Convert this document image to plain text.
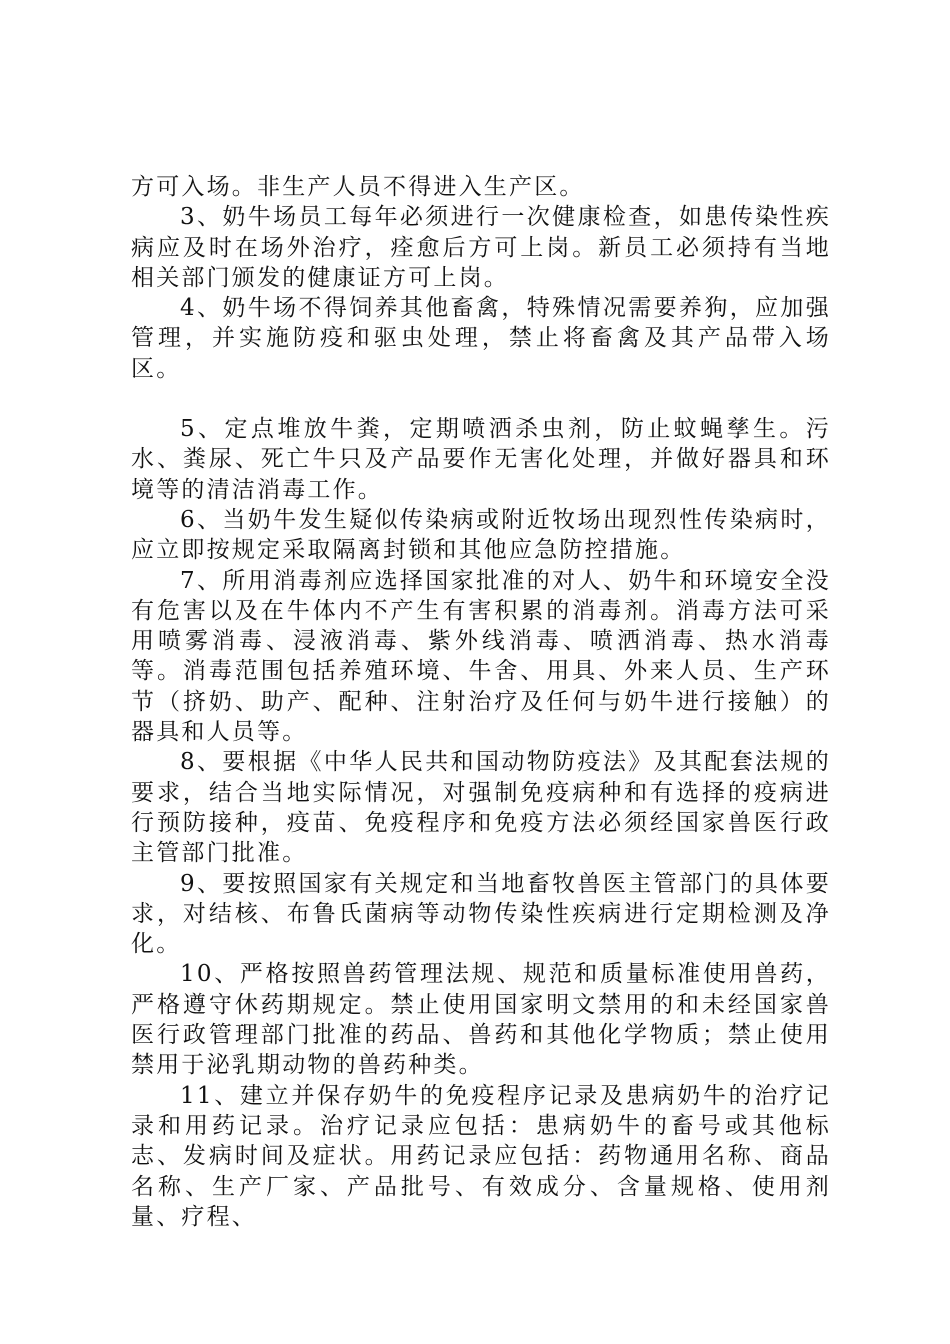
方可入场。非生产人员不得进入生产区。

3、奶牛场员工每年必须进行一次健康检查，如患传染性疾病应及时在场外治疗，痊愈后方可上岗。新员工必须持有当地相关部门颁发的健康证方可上岗。

4、奶牛场不得饲养其他畜禽，特殊情况需要养狗，应加强管理，并实施防疫和驱虫处理，禁止将畜禽及其产品带入场区。

5、定点堆放牛粪，定期喷洒杀虫剂，防止蚊蝇孳生。污水、粪尿、死亡牛只及产品要作无害化处理，并做好器具和环境等的清洁消毒工作。

6、当奶牛发生疑似传染病或附近牧场出现烈性传染病时，应立即按规定采取隔离封锁和其他应急防控措施。

7、所用消毒剂应选择国家批准的对人、奶牛和环境安全没有危害以及在牛体内不产生有害积累的消毒剂。消毒方法可采用喷雾消毒、浸液消毒、紫外线消毒、喷洒消毒、热水消毒等。消毒范围包括养殖环境、牛舍、用具、外来人员、生产环节（挤奶、助产、配种、注射治疗及任何与奶牛进行接触）的器具和人员等。

8、要根据《中华人民共和国动物防疫法》及其配套法规的要求，结合当地实际情况，对强制免疫病种和有选择的疫病进行预防接种，疫苗、免疫程序和免疫方法必须经国家兽医行政主管部门批准。

9、要按照国家有关规定和当地畜牧兽医主管部门的具体要求，对结核、布鲁氏菌病等动物传染性疾病进行定期检测及净化。

10、严格按照兽药管理法规、规范和质量标准使用兽药，严格遵守休药期规定。禁止使用国家明文禁用的和未经国家兽医行政管理部门批准的药品、兽药和其他化学物质；禁止使用禁用于泌乳期动物的兽药种类。

11、建立并保存奶牛的免疫程序记录及患病奶牛的治疗记录和用药记录。治疗记录应包括：患病奶牛的畜号或其他标志、发病时间及症状。用药记录应包括：药物通用名称、商品名称、生产厂家、产品批号、有效成分、含量规格、使用剂量、疗程、
